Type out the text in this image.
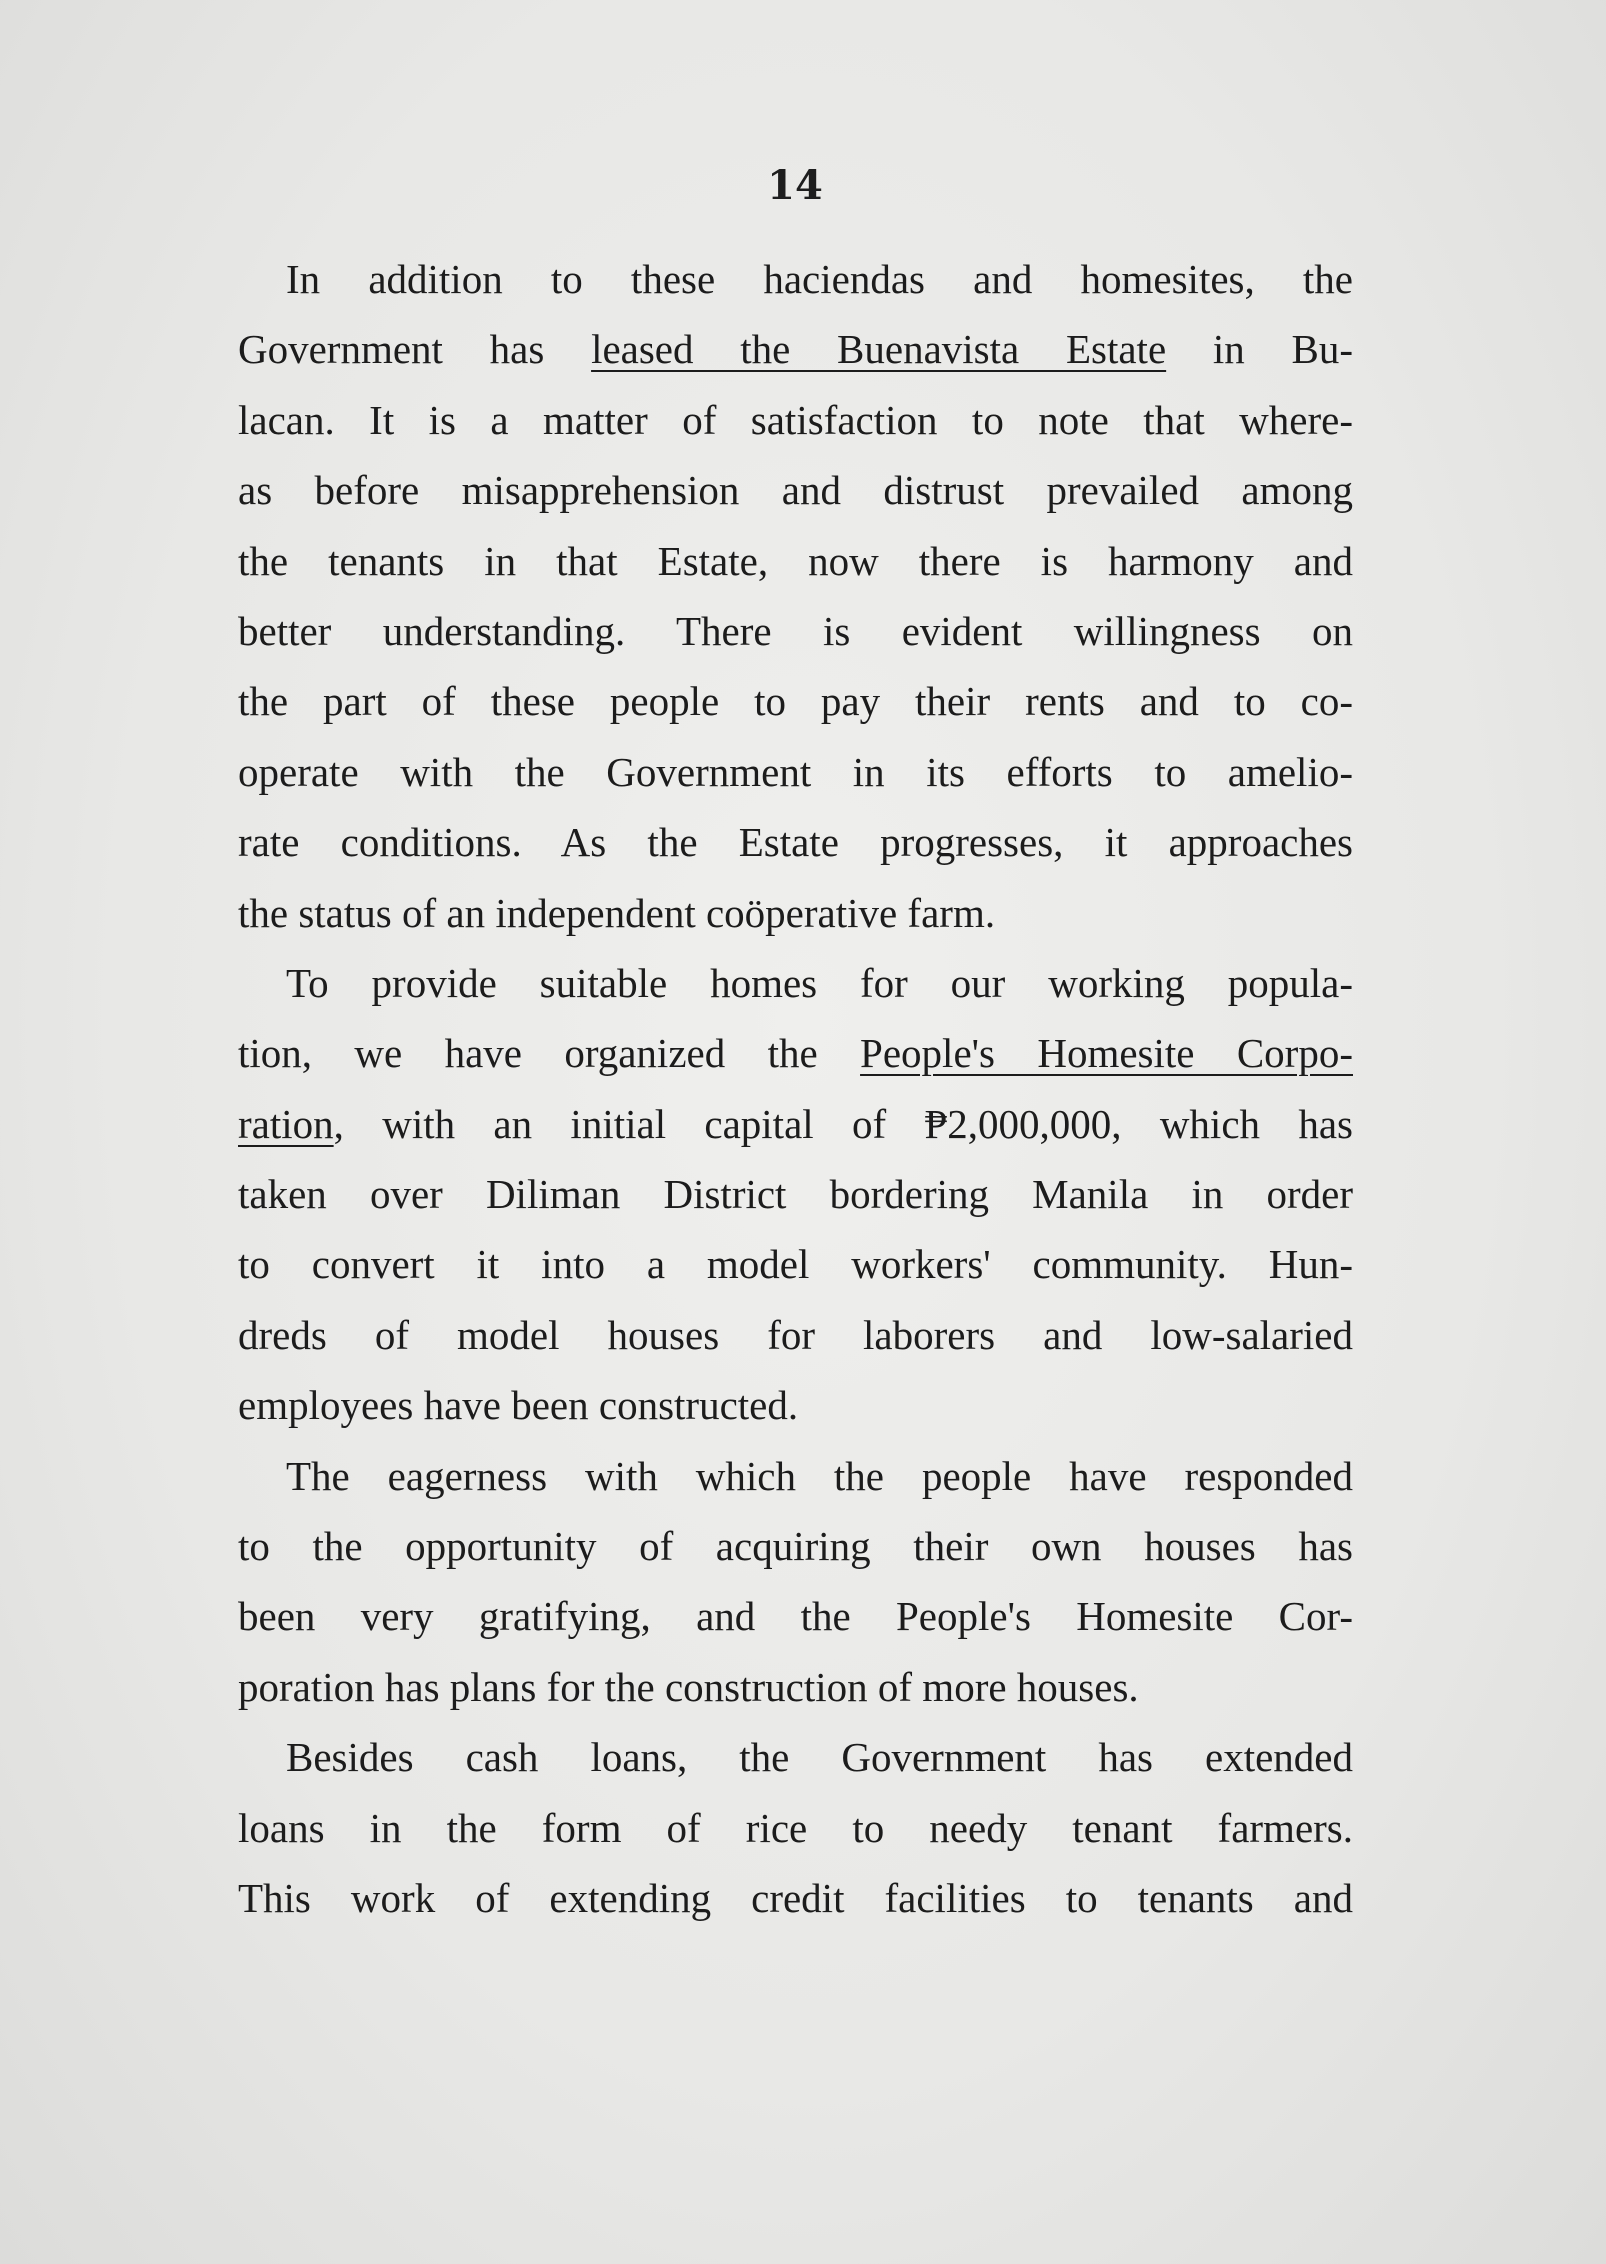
14

In addition to these haciendas and homesites, the
Government has leased the Buenavista Estate in Bu-
lacan. It is a matter of satisfaction to note that where-
as before misapprehension and distrust prevailed among
the tenants in that Estate, now there is harmony and
better understanding. There is evident willingness on
the part of these people to pay their rents and to co-
operate with the Government in its efforts to amelio-
rate conditions. As the Estate progresses, it approaches
the status of an independent coöperative farm.
To provide suitable homes for our working popula-
tion, we have organized the People's Homesite Corpo-
ration, with an initial capital of ₱2,000,000, which has
taken over Diliman District bordering Manila in order
to convert it into a model workers' community. Hun-
dreds of model houses for laborers and low-salaried
employees have been constructed.
The eagerness with which the people have responded
to the opportunity of acquiring their own houses has
been very gratifying, and the People's Homesite Cor-
poration has plans for the construction of more houses.
Besides cash loans, the Government has extended
loans in the form of rice to needy tenant farmers.
This work of extending credit facilities to tenants and
